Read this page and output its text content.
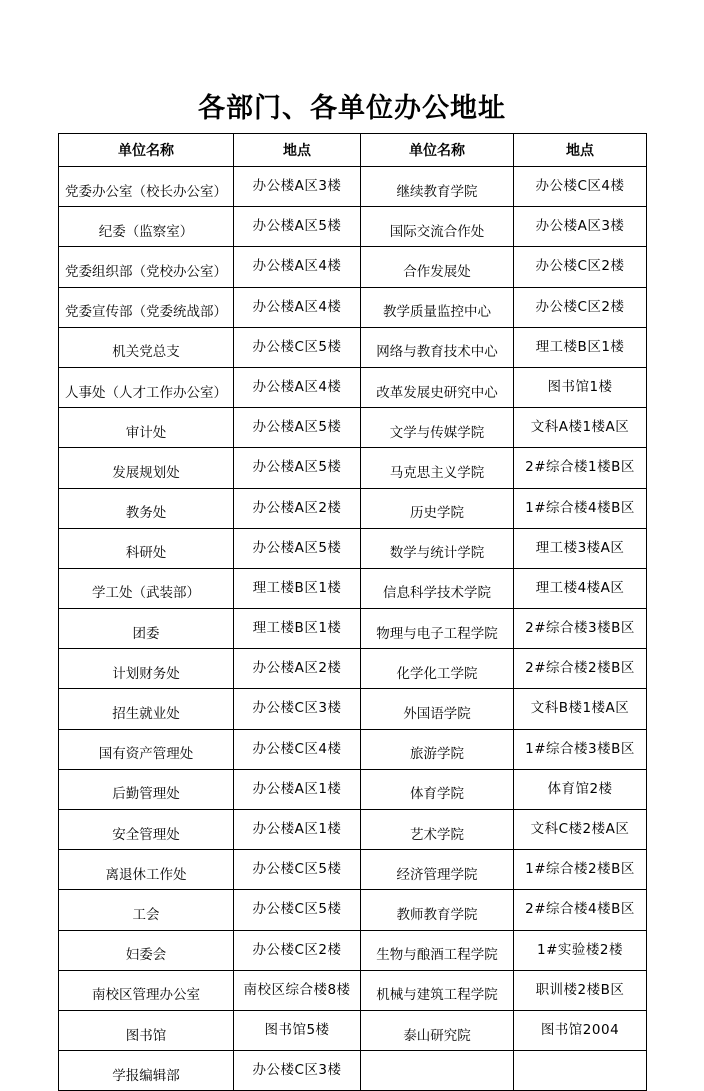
各部门、各单位办公地址
单位名称	地点	单位名称	地点
党委办公室（校长办公室）	办公楼A区3楼	继续教育学院	办公楼C区4楼
纪委（监察室）	办公楼A区5楼	国际交流合作处	办公楼A区3楼
党委组织部（党校办公室）	办公楼A区4楼	合作发展处	办公楼C区2楼
党委宣传部（党委统战部）	办公楼A区4楼	教学质量监控中心	办公楼C区2楼
机关党总支	办公楼C区5楼	网络与教育技术中心	理工楼B区1楼
人事处（人才工作办公室）	办公楼A区4楼	改革发展史研究中心	图书馆1楼
审计处	办公楼A区5楼	文学与传媒学院	文科A楼1楼A区
发展规划处	办公楼A区5楼	马克思主义学院	2#综合楼1楼B区
教务处	办公楼A区2楼	历史学院	1#综合楼4楼B区
科研处	办公楼A区5楼	数学与统计学院	理工楼3楼A区
学工处（武装部）	理工楼B区1楼	信息科学技术学院	理工楼4楼A区
团委	理工楼B区1楼	物理与电子工程学院	2#综合楼3楼B区
计划财务处	办公楼A区2楼	化学化工学院	2#综合楼2楼B区
招生就业处	办公楼C区3楼	外国语学院	文科B楼1楼A区
国有资产管理处	办公楼C区4楼	旅游学院	1#综合楼3楼B区
后勤管理处	办公楼A区1楼	体育学院	体育馆2楼
安全管理处	办公楼A区1楼	艺术学院	文科C楼2楼A区
离退休工作处	办公楼C区5楼	经济管理学院	1#综合楼2楼B区
工会	办公楼C区5楼	教师教育学院	2#综合楼4楼B区
妇委会	办公楼C区2楼	生物与酿酒工程学院	1#实验楼2楼
南校区管理办公室	南校区综合楼8楼	机械与建筑工程学院	职训楼2楼B区
图书馆	图书馆5楼	泰山研究院	图书馆2004
学报编辑部	办公楼C区3楼		
